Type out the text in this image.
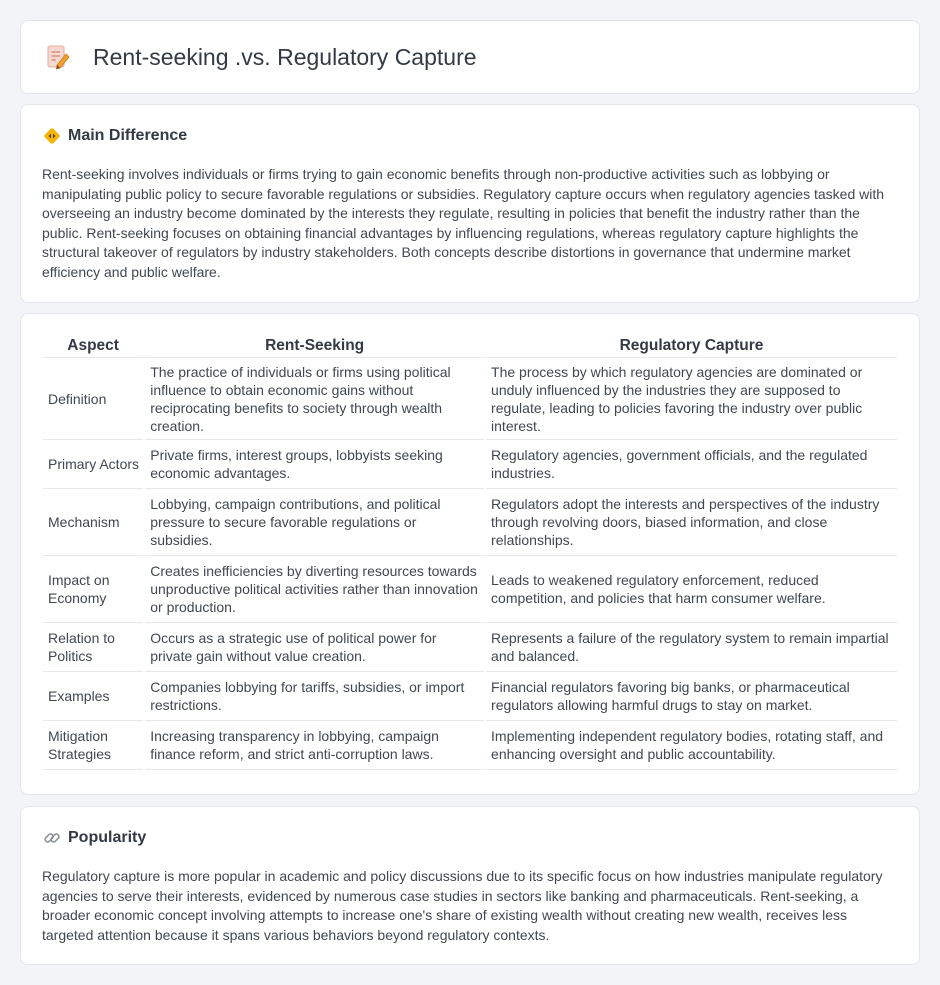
Rent-seeking .vs. Regulatory Capture
Main Difference

Rent-seeking involves individuals or firms trying to gain economic benefits through non-productive activities such as lobbying or manipulating public policy to secure favorable regulations or subsidies. Regulatory capture occurs when regulatory agencies tasked with overseeing an industry become dominated by the interests they regulate, resulting in policies that benefit the industry rather than the public. Rent-seeking focuses on obtaining financial advantages by influencing regulations, whereas regulatory capture highlights the structural takeover of regulators by industry stakeholders. Both concepts describe distortions in governance that undermine market efficiency and public welfare.

Aspect	Rent-Seeking	Regulatory Capture
Definition	The practice of individuals or firms using political influence to obtain economic gains without reciprocating benefits to society through wealth creation.	The process by which regulatory agencies are dominated or unduly influenced by the industries they are supposed to regulate, leading to policies favoring the industry over public interest.
Primary Actors	Private firms, interest groups, lobbyists seeking economic advantages.	Regulatory agencies, government officials, and the regulated industries.
Mechanism	Lobbying, campaign contributions, and political pressure to secure favorable regulations or subsidies.	Regulators adopt the interests and perspectives of the industry through revolving doors, biased information, and close relationships.
Impact on Economy	Creates inefficiencies by diverting resources towards unproductive political activities rather than innovation or production.	Leads to weakened regulatory enforcement, reduced competition, and policies that harm consumer welfare.
Relation to Politics	Occurs as a strategic use of political power for private gain without value creation.	Represents a failure of the regulatory system to remain impartial and balanced.
Examples	Companies lobbying for tariffs, subsidies, or import restrictions.	Financial regulators favoring big banks, or pharmaceutical regulators allowing harmful drugs to stay on market.
Mitigation Strategies	Increasing transparency in lobbying, campaign finance reform, and strict anti-corruption laws.	Implementing independent regulatory bodies, rotating staff, and enhancing oversight and public accountability.
Popularity

Regulatory capture is more popular in academic and policy discussions due to its specific focus on how industries manipulate regulatory agencies to serve their interests, evidenced by numerous case studies in sectors like banking and pharmaceuticals. Rent-seeking, a broader economic concept involving attempts to increase one's share of existing wealth without creating new wealth, receives less targeted attention because it spans various behaviors beyond regulatory contexts.
